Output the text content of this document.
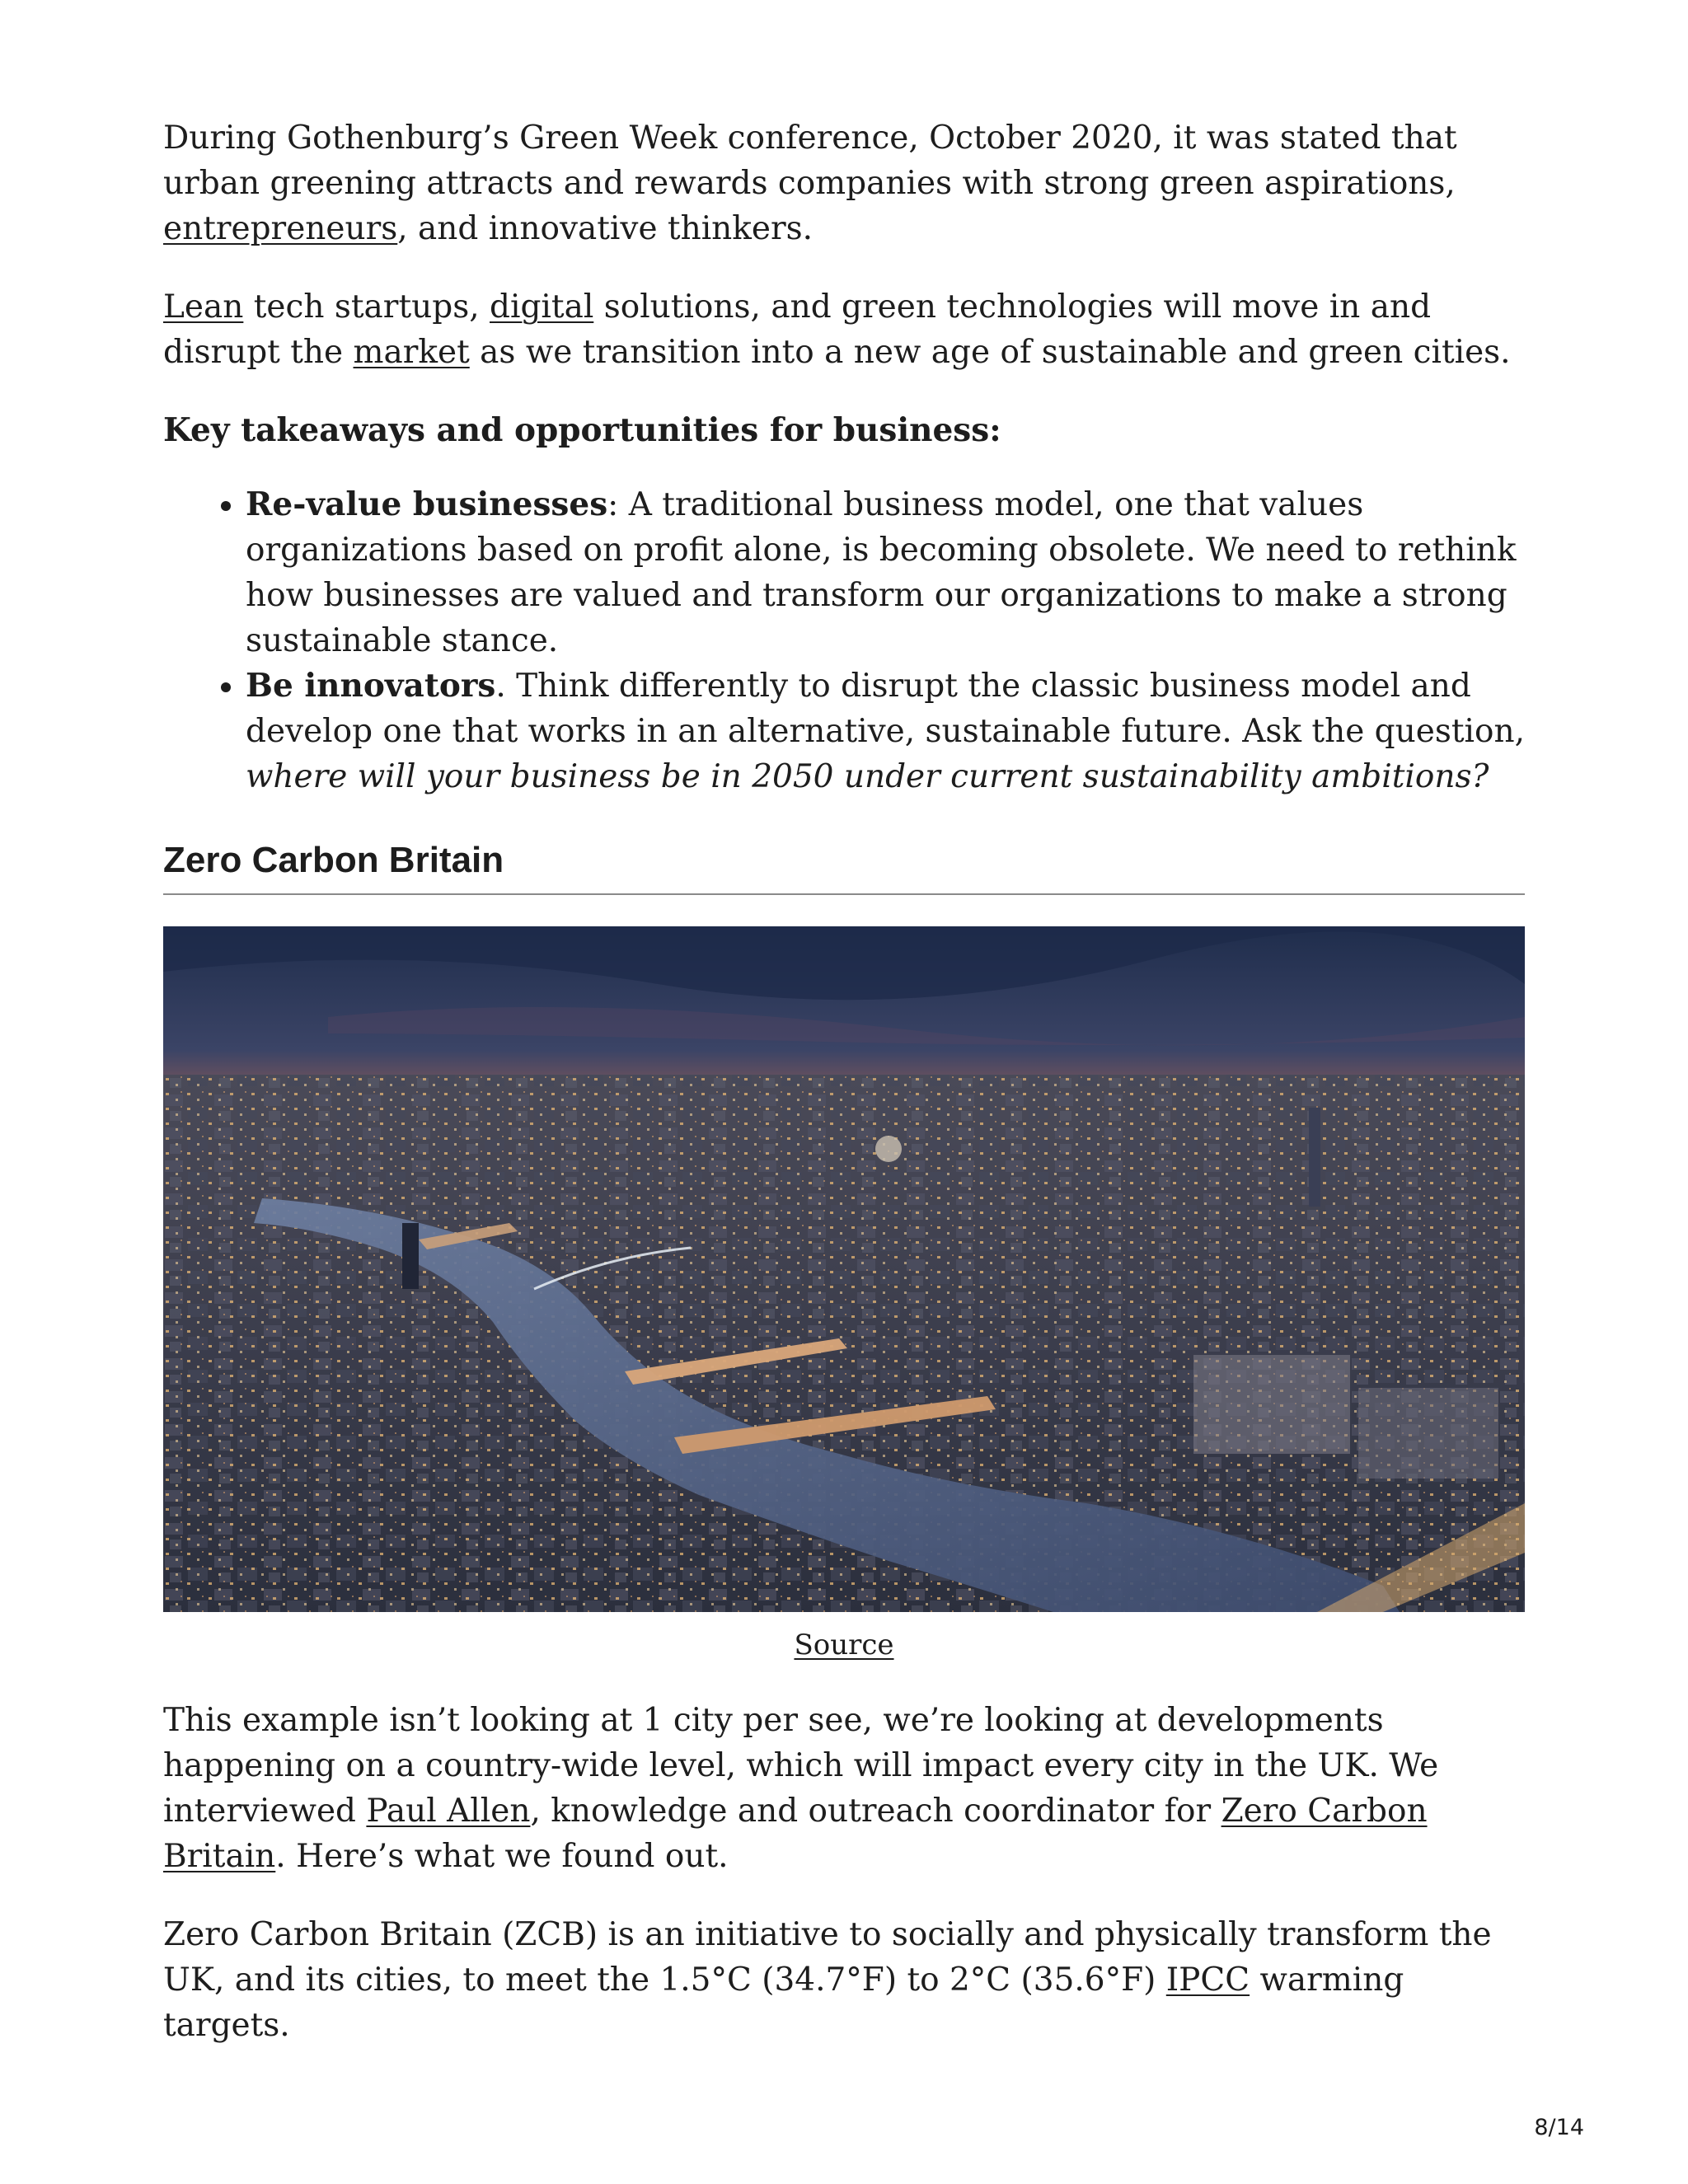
During Gothenburg’s Green Week conference, October 2020, it was stated that urban greening attracts and rewards companies with strong green aspirations, entrepreneurs, and innovative thinkers.

Lean tech startups, digital solutions, and green technologies will move in and disrupt the market as we transition into a new age of sustainable and green cities.

Key takeaways and opportunities for business:

• Re-value businesses: A traditional business model, one that values organizations based on profit alone, is becoming obsolete. We need to rethink how businesses are valued and transform our organizations to make a strong sustainable stance.
• Be innovators. Think differently to disrupt the classic business model and develop one that works in an alternative, sustainable future. Ask the question, where will your business be in 2050 under current sustainability ambitions?
Zero Carbon Britain
Source

This example isn’t looking at 1 city per see, we’re looking at developments happening on a country-wide level, which will impact every city in the UK. We interviewed Paul Allen, knowledge and outreach coordinator for Zero Carbon Britain. Here’s what we found out.

Zero Carbon Britain (ZCB) is an initiative to socially and physically transform the UK, and its cities, to meet the 1.5°C (34.7°F) to 2°C (35.6°F) IPCC warming targets.

8/14
